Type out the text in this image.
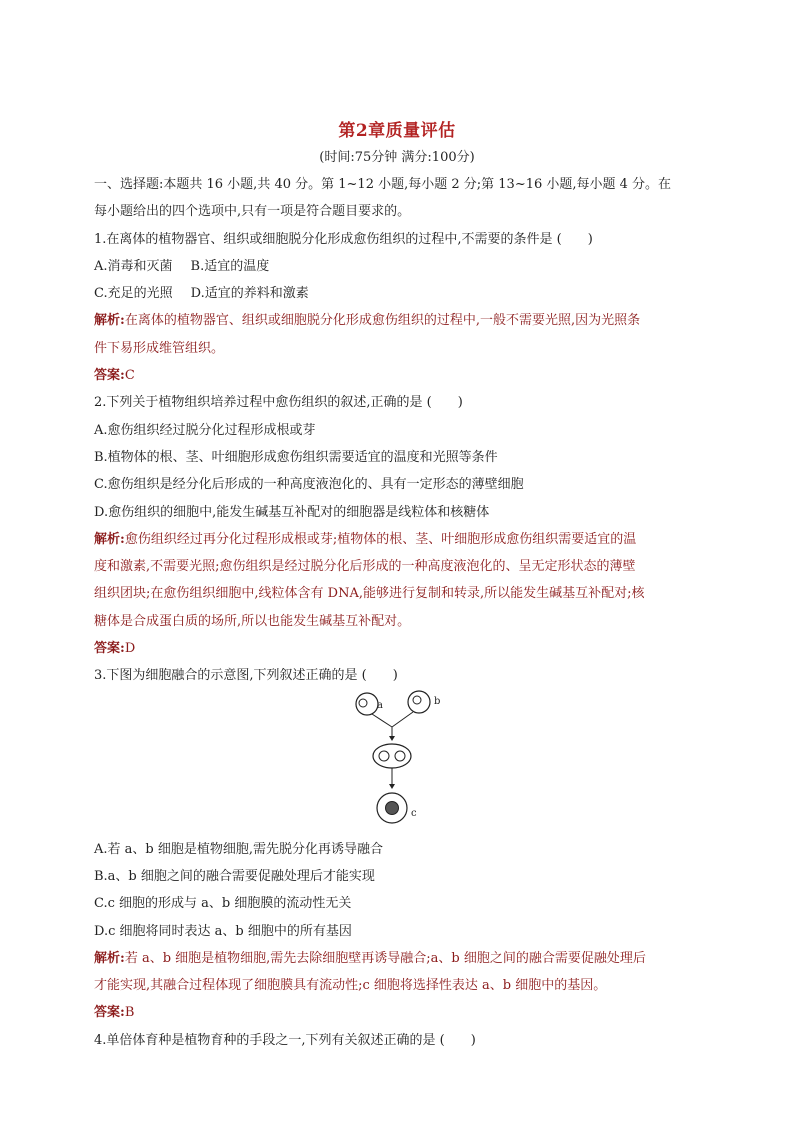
第2章质量评估
(时间:75分钟 满分:100分)
一、选择题:本题共 16 小题,共 40 分。第 1~12 小题,每小题 2 分;第 13~16 小题,每小题 4 分。在
每小题给出的四个选项中,只有一项是符合题目要求的。
1.在离体的植物器官、组织或细胞脱分化形成愈伤组织的过程中,不需要的条件是 (　　)
A.消毒和灭菌 B.适宜的温度
C.充足的光照 D.适宜的养料和激素
解析:在离体的植物器官、组织或细胞脱分化形成愈伤组织的过程中,一般不需要光照,因为光照条
件下易形成维管组织。
答案:C
2.下列关于植物组织培养过程中愈伤组织的叙述,正确的是 (　　)
A.愈伤组织经过脱分化过程形成根或芽
B.植物体的根、茎、叶细胞形成愈伤组织需要适宜的温度和光照等条件
C.愈伤组织是经分化后形成的一种高度液泡化的、具有一定形态的薄壁细胞
D.愈伤组织的细胞中,能发生碱基互补配对的细胞器是线粒体和核糖体
解析:愈伤组织经过再分化过程形成根或芽;植物体的根、茎、叶细胞形成愈伤组织需要适宜的温
度和激素,不需要光照;愈伤组织是经过脱分化后形成的一种高度液泡化的、呈无定形状态的薄壁
组织团块;在愈伤组织细胞中,线粒体含有 DNA,能够进行复制和转录,所以能发生碱基互补配对;核
糖体是合成蛋白质的场所,所以也能发生碱基互补配对。
答案:D
3.下图为细胞融合的示意图,下列叙述正确的是 (　　)
a	b
c
A.若 a、b 细胞是植物细胞,需先脱分化再诱导融合
B.a、b 细胞之间的融合需要促融处理后才能实现
C.c 细胞的形成与 a、b 细胞膜的流动性无关
D.c 细胞将同时表达 a、b 细胞中的所有基因
解析:若 a、b 细胞是植物细胞,需先去除细胞壁再诱导融合;a、b 细胞之间的融合需要促融处理后
才能实现,其融合过程体现了细胞膜具有流动性;c 细胞将选择性表达 a、b 细胞中的基因。
答案:B
4.单倍体育种是植物育种的手段之一,下列有关叙述正确的是 (　　)
